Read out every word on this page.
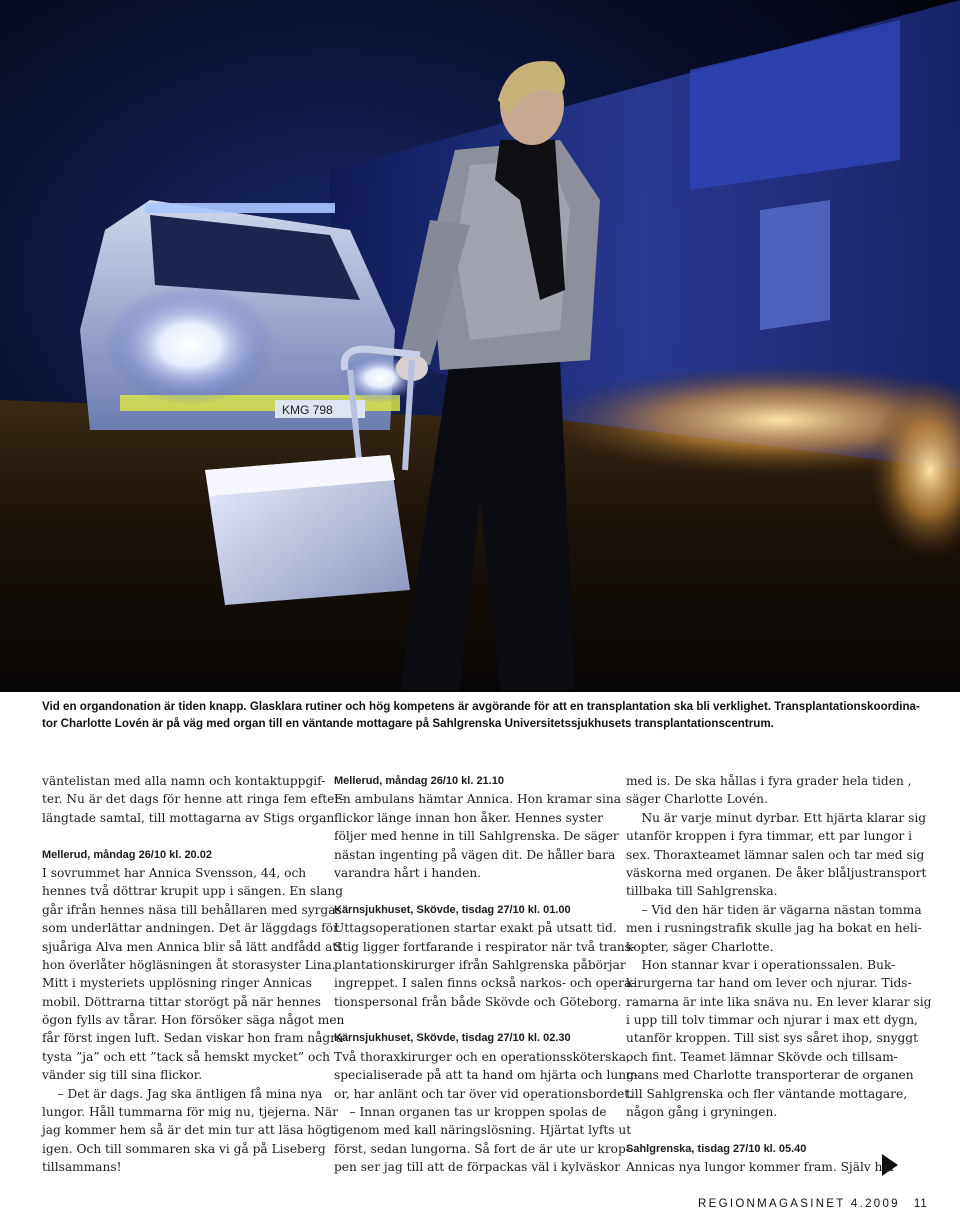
KMG 798
Vid en organdonation är tiden knapp. Glasklara rutiner och hög kompetens är avgörande för att en transplantation ska bli verklighet. Transplantationskoordina-
tor Charlotte Lovén är på väg med organ till en väntande mottagare på Sahlgrenska Universitetssjukhusets transplantationscentrum.
väntelistan med alla namn och kontaktuppgif-
ter. Nu är det dags för henne att ringa fem efter-
längtade samtal, till mottagarna av Stigs organ.
Mellerud, måndag 26/10 kl. 20.02
I sovrummet har Annica Svensson, 44, och
hennes två döttrar krupit upp i sängen. En slang
går ifrån hennes näsa till behållaren med syrgas
som underlättar andningen. Det är läggdags för
sjuåriga Alva men Annica blir så lätt andfådd att
hon överlåter högläsningen åt storasyster Lina.
Mitt i mysteriets upplösning ringer Annicas
mobil. Döttrarna tittar storögt på när hennes
ögon fylls av tårar. Hon försöker säga något men
får först ingen luft. Sedan viskar hon fram några
tysta ”ja” och ett ”tack så hemskt mycket” och
vänder sig till sina flickor.
– Det är dags. Jag ska äntligen få mina nya
lungor. Håll tummarna för mig nu, tjejerna. När
jag kommer hem så är det min tur att läsa högt
igen. Och till sommaren ska vi gå på Liseberg
tillsammans!
Mellerud, måndag 26/10 kl. 21.10
En ambulans hämtar Annica. Hon kramar sina
flickor länge innan hon åker. Hennes syster
följer med henne in till Sahlgrenska. De säger
nästan ingenting på vägen dit. De håller bara
varandra hårt i handen.
Kärnsjukhuset, Skövde, tisdag 27/10 kl. 01.00
Uttagsoperationen startar exakt på utsatt tid.
Stig ligger fortfarande i respirator när två trans-
plantationskirurger ifrån Sahlgrenska påbörjar
ingreppet. I salen finns också narkos- och opera-
tionspersonal från både Skövde och Göteborg.
Kärnsjukhuset, Skövde, tisdag 27/10 kl. 02.30
Två thoraxkirurger och en operationssköterska,
specialiserade på att ta hand om hjärta och lung-
or, har anlänt och tar över vid operationsbordet.
– Innan organen tas ur kroppen spolas de
igenom med kall näringslösning. Hjärtat lyfts ut
först, sedan lungorna. Så fort de är ute ur krop-
pen ser jag till att de förpackas väl i kylväskor
med is. De ska hållas i fyra grader hela tiden ,
säger Charlotte Lovén.
Nu är varje minut dyrbar. Ett hjärta klarar sig
utanför kroppen i fyra timmar, ett par lungor i
sex. Thoraxteamet lämnar salen och tar med sig
väskorna med organen. De åker blåljustransport
tillbaka till Sahlgrenska.
– Vid den här tiden är vägarna nästan tomma
men i rusningstrafik skulle jag ha bokat en heli-
kopter, säger Charlotte.
Hon stannar kvar i operationssalen. Buk-
kirurgerna tar hand om lever och njurar. Tids-
ramarna är inte lika snäva nu. En lever klarar sig
i upp till tolv timmar och njurar i max ett dygn,
utanför kroppen. Till sist sys såret ihop, snyggt
och fint. Teamet lämnar Skövde och tillsam-
mans med Charlotte transporterar de organen
till Sahlgrenska och fler väntande mottagare,
någon gång i gryningen.
Sahlgrenska, tisdag 27/10 kl. 05.40
Annicas nya lungor kommer fram. Själv har
REGIONMAGASINET 4.2009 11
